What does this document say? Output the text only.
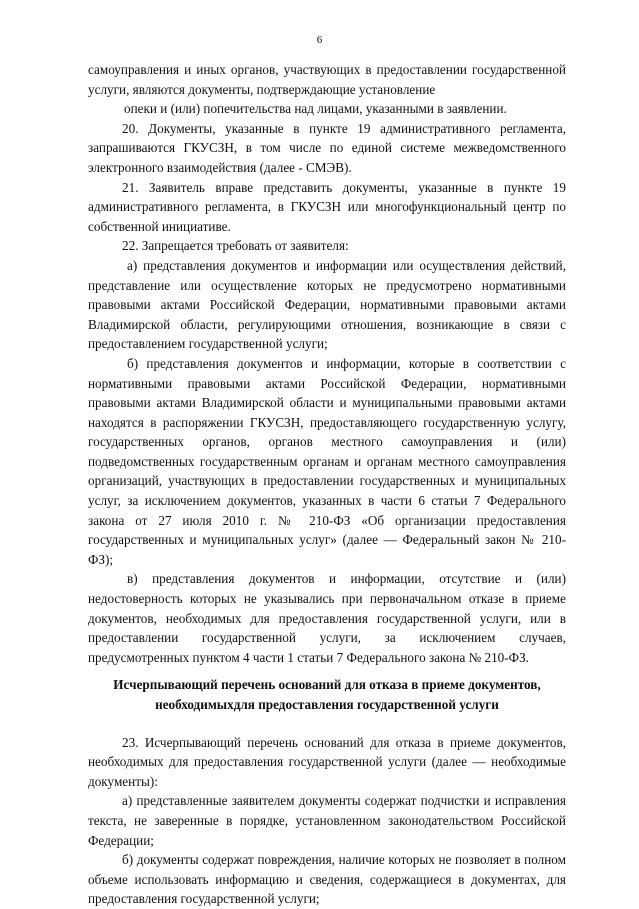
6

самоуправления и иных органов, участвующих в предоставлении государственной услуги, являются документы, подтверждающие установление

опеки и (или) попечительства над лицами, указанными в заявлении.

20. Документы, указанные в пункте 19 административного регламента, запрашиваются ГКУСЗН, в том числе по единой системе межведомственного электронного взаимодействия (далее - СМЭВ).

21. Заявитель вправе представить документы, указанные в пункте 19 административного регламента, в ГКУСЗН или многофункциональный центр по собственной инициативе.

22. Запрещается требовать от заявителя:

а) представления документов и информации или осуществления действий, представление или осуществление которых не предусмотрено нормативными правовыми актами Российской Федерации, нормативными правовыми актами Владимирской области, регулирующими отношения, возникающие в связи с предоставлением государственной услуги;

б) представления документов и информации, которые в соответствии с нормативными правовыми актами Российской Федерации, нормативными правовыми актами Владимирской области и муниципальными правовыми актами находятся в распоряжении ГКУСЗН, предоставляющего государственную услугу, государственных органов, органов местного самоуправления и (или) подведомственных государственным органам и органам местного самоуправления организаций, участвующих в предоставлении государственных и муниципальных услуг, за исключением документов, указанных в части 6 статьи 7 Федерального закона от 27 июля 2010 г. № 210-ФЗ «Об организации предоставления государственных и муниципальных услуг» (далее — Федеральный закон № 210-ФЗ);

в) представления документов и информации, отсутствие и (или) недостоверность которых не указывались при первоначальном отказе в приеме документов, необходимых для предоставления государственной услуги, или в предоставлении государственной услуги, за исключением случаев, предусмотренных пунктом 4 части 1 статьи 7 Федерального закона № 210-ФЗ.

Исчерпывающий перечень оснований для отказа в приеме документов, необходимыхдля предоставления государственной услуги

23. Исчерпывающий перечень оснований для отказа в приеме документов, необходимых для предоставления государственной услуги (далее — необходимые документы):

а) представленные заявителем документы содержат подчистки и исправления текста, не заверенные в порядке, установленном законодательством Российской Федерации;

б) документы содержат повреждения, наличие которых не позволяет в полном объеме использовать информацию и сведения, содержащиеся в документах, для предоставления государственной услуги;
